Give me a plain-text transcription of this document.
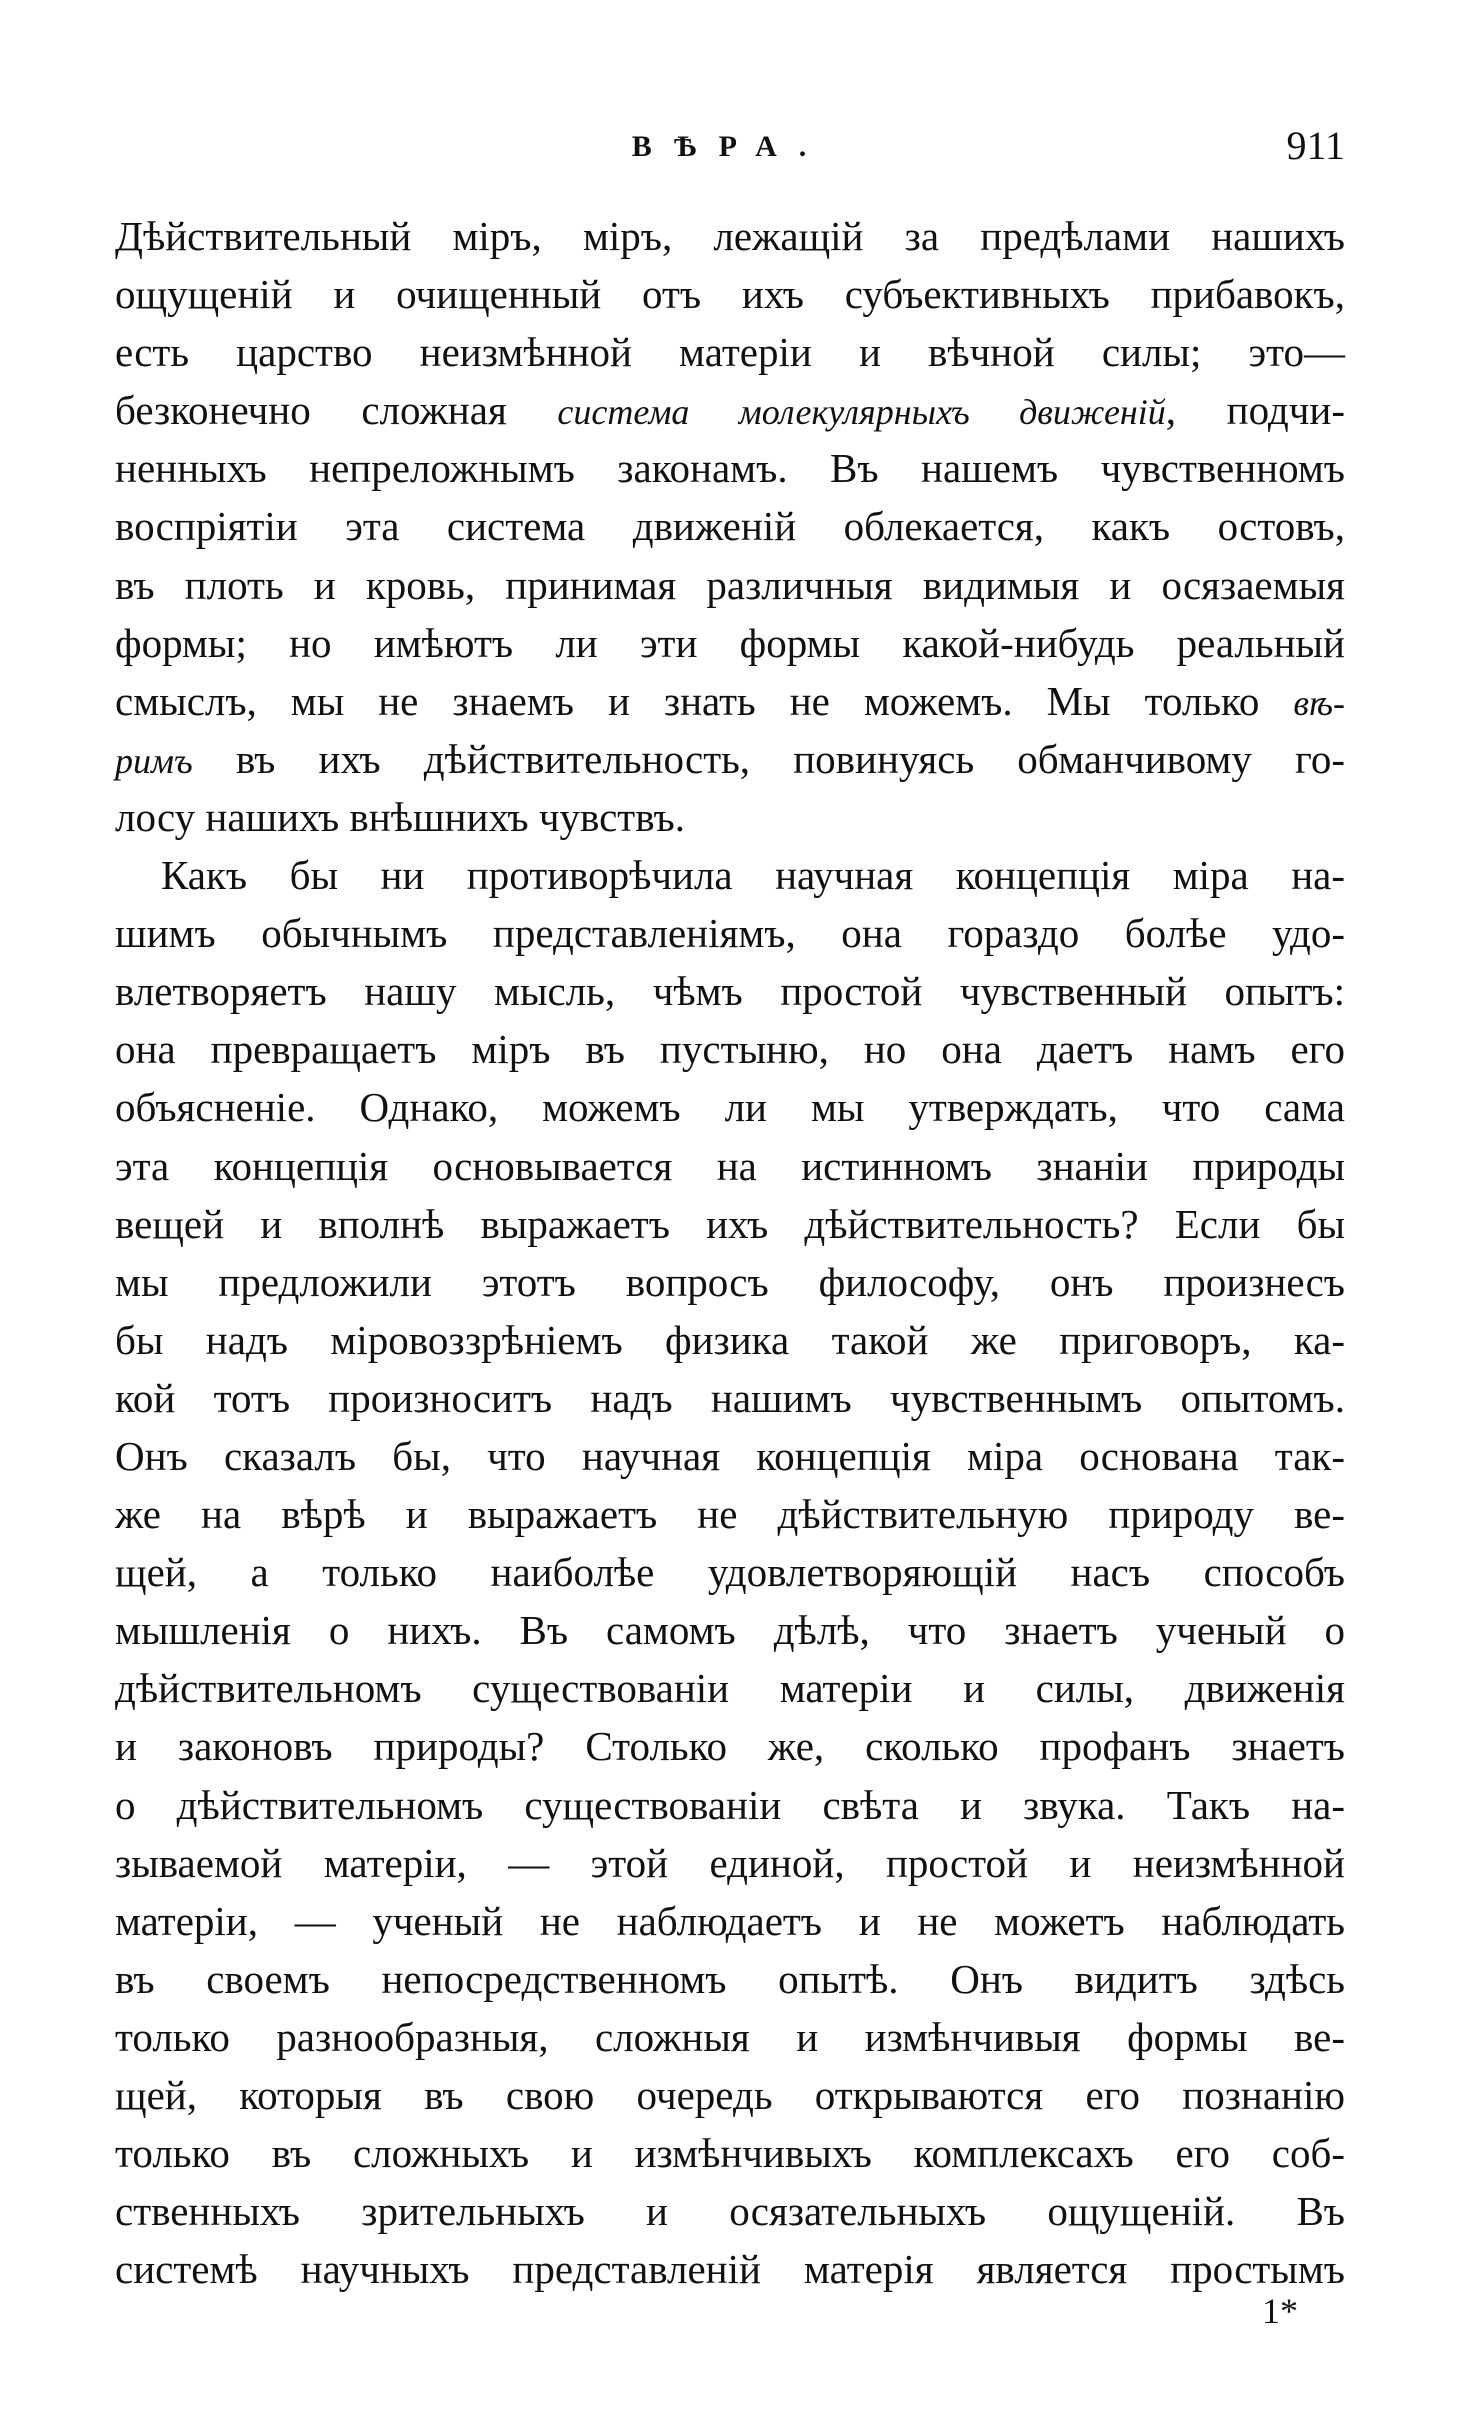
ВѢРА.	911
Дѣйствительный міръ, міръ, лежащій за предѣлами нашихъ
ощущеній и очищенный отъ ихъ субъективныхъ прибавокъ,
есть царство неизмѣнной матеріи и вѣчной силы; это—
безконечно сложная система молекулярныхъ движеній, подчи-
ненныхъ непреложнымъ законамъ. Въ нашемъ чувственномъ
воспріятіи эта система движеній облекается, какъ остовъ,
въ плоть и кровь, принимая различныя видимыя и осязаемыя
формы; но имѣютъ ли эти формы какой-нибудь реальный
смыслъ, мы не знаемъ и знать не можемъ. Мы только вѣ-
римъ въ ихъ дѣйствительность, повинуясь обманчивому го-
лосу нашихъ внѣшнихъ чувствъ.
Какъ бы ни противорѣчила научная концепція міра на-
шимъ обычнымъ представленіямъ, она гораздо болѣе удо-
влетворяетъ нашу мысль, чѣмъ простой чувственный опытъ:
она превращаетъ міръ въ пустыню, но она даетъ намъ его
объясненіе. Однако, можемъ ли мы утверждать, что сама
эта концепція основывается на истинномъ знаніи природы
вещей и вполнѣ выражаетъ ихъ дѣйствительность? Если бы
мы предложили этотъ вопросъ философу, онъ произнесъ
бы надъ міровоззрѣніемъ физика такой же приговоръ, ка-
кой тотъ произноситъ надъ нашимъ чувственнымъ опытомъ.
Онъ сказалъ бы, что научная концепція міра основана так-
же на вѣрѣ и выражаетъ не дѣйствительную природу ве-
щей, а только наиболѣе удовлетворяющій насъ способъ
мышленія о нихъ. Въ самомъ дѣлѣ, что знаетъ ученый о
дѣйствительномъ существованіи матеріи и силы, движенія
и законовъ природы? Столько же, сколько профанъ знаетъ
о дѣйствительномъ существованіи свѣта и звука. Такъ на-
зываемой матеріи, — этой единой, простой и неизмѣнной
матеріи, — ученый не наблюдаетъ и не можетъ наблюдать
въ своемъ непосредственномъ опытѣ. Онъ видитъ здѣсь
только разнообразныя, сложныя и измѣнчивыя формы ве-
щей, которыя въ свою очередь открываются его познанію
только въ сложныхъ и измѣнчивыхъ комплексахъ его соб-
ственныхъ зрительныхъ и осязательныхъ ощущеній. Въ
системѣ научныхъ представленій матерія является простымъ
1*
